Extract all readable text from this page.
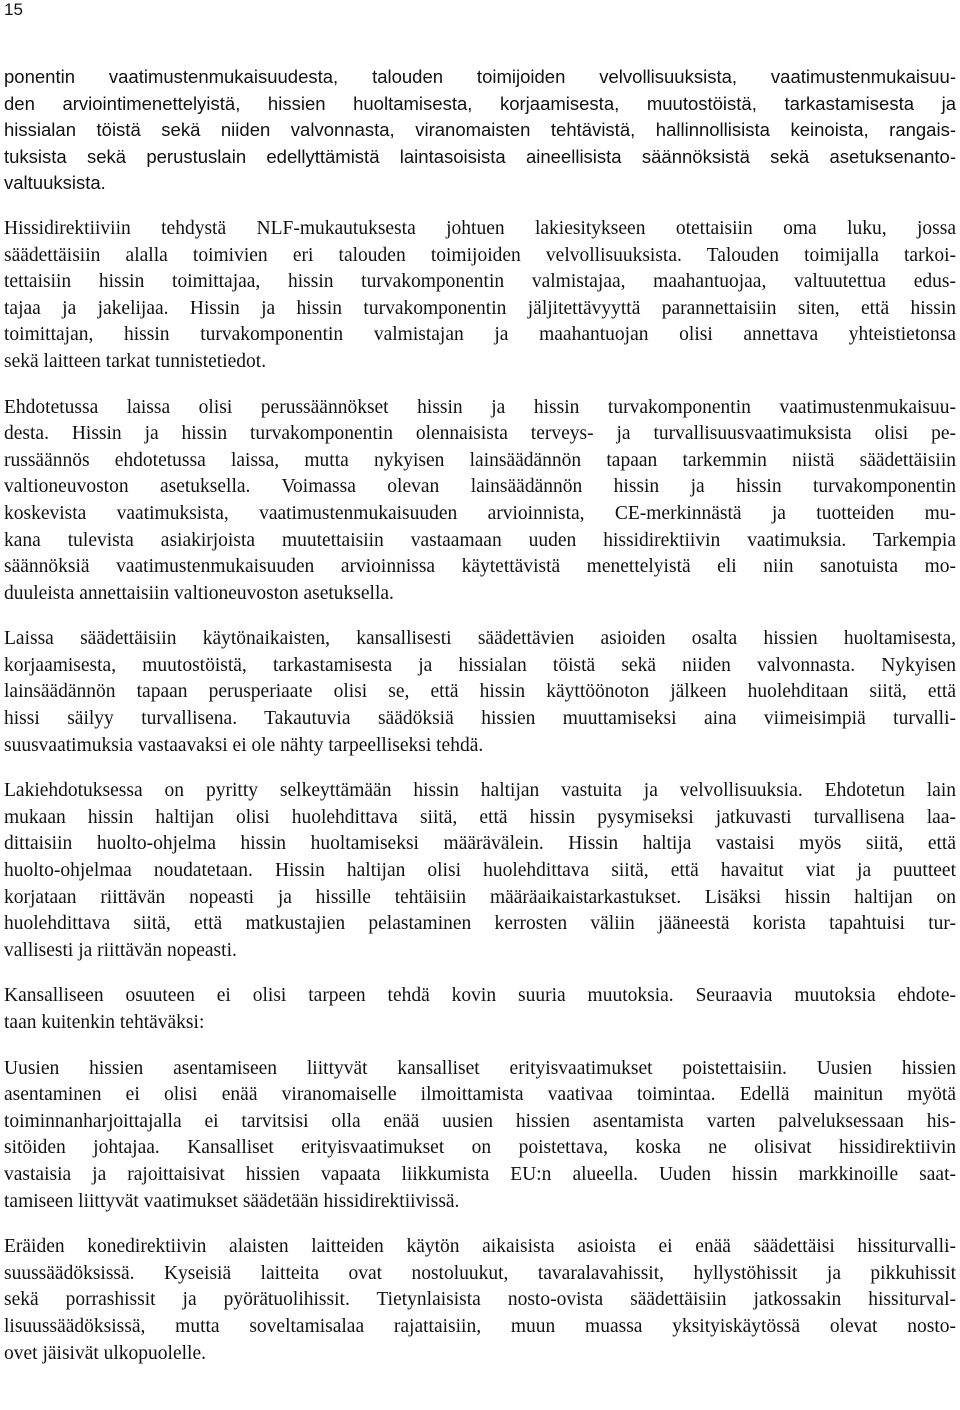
15

ponentin vaatimustenmukaisuudesta, talouden toimijoiden velvollisuuksista, vaatimustenmukaisuu-
den arviointimenettelyistä, hissien huoltamisesta, korjaamisesta, muutostöistä, tarkastamisesta ja
hissialan töistä sekä niiden valvonnasta, viranomaisten tehtävistä, hallinnollisista keinoista, rangais-
tuksista sekä perustuslain edellyttämistä laintasoisista aineellisista säännöksistä sekä asetuksenanto-
valtuuksista.

Hissidirektiiviin tehdystä NLF-mukautuksesta johtuen lakiesitykseen otettaisiin oma luku, jossa
säädettäisiin alalla toimivien eri talouden toimijoiden velvollisuuksista. Talouden toimijalla tarkoi-
tettaisiin hissin toimittajaa, hissin turvakomponentin valmistajaa, maahantuojaa, valtuutettua edus-
tajaa ja jakelijaa. Hissin ja hissin turvakomponentin jäljitettävyyttä parannettaisiin siten, että hissin
toimittajan, hissin turvakomponentin valmistajan ja maahantuojan olisi annettava yhteistietonsa
sekä laitteen tarkat tunnistetiedot.

Ehdotetussa laissa olisi perussäännökset hissin ja hissin turvakomponentin vaatimustenmukaisuu-
desta. Hissin ja hissin turvakomponentin olennaisista terveys- ja turvallisuusvaatimuksista olisi pe-
russäännös ehdotetussa laissa, mutta nykyisen lainsäädännön tapaan tarkemmin niistä säädettäisiin
valtioneuvoston asetuksella. Voimassa olevan lainsäädännön hissin ja hissin turvakomponentin
koskevista vaatimuksista, vaatimustenmukaisuuden arvioinnista, CE-merkinnästä ja tuotteiden mu-
kana tulevista asiakirjoista muutettaisiin vastaamaan uuden hissidirektiivin vaatimuksia. Tarkempia
säännöksiä vaatimustenmukaisuuden arvioinnissa käytettävistä menettelyistä eli niin sanotuista mo-
duuleista annettaisiin valtioneuvoston asetuksella.

Laissa säädettäisiin käytönaikaisten, kansallisesti säädettävien asioiden osalta hissien huoltamisesta,
korjaamisesta, muutostöistä, tarkastamisesta ja hissialan töistä sekä niiden valvonnasta. Nykyisen
lainsäädännön tapaan perusperiaate olisi se, että hissin käyttöönoton jälkeen huolehditaan siitä, että
hissi säilyy turvallisena. Takautuvia säädöksiä hissien muuttamiseksi aina viimeisimpiä turvalli-
suusvaatimuksia vastaavaksi ei ole nähty tarpeelliseksi tehdä.

Lakiehdotuksessa on pyritty selkeyttämään hissin haltijan vastuita ja velvollisuuksia. Ehdotetun lain
mukaan hissin haltijan olisi huolehdittava siitä, että hissin pysymiseksi jatkuvasti turvallisena laa-
dittaisiin huolto-ohjelma hissin huoltamiseksi määrävälein. Hissin haltija vastaisi myös siitä, että
huolto-ohjelmaa noudatetaan. Hissin haltijan olisi huolehdittava siitä, että havaitut viat ja puutteet
korjataan riittävän nopeasti ja hissille tehtäisiin määräaikaistarkastukset. Lisäksi hissin haltijan on
huolehdittava siitä, että matkustajien pelastaminen kerrosten väliin jääneestä korista tapahtuisi tur-
vallisesti ja riittävän nopeasti.

Kansalliseen osuuteen ei olisi tarpeen tehdä kovin suuria muutoksia. Seuraavia muutoksia ehdote-
taan kuitenkin tehtäväksi:

Uusien hissien asentamiseen liittyvät kansalliset erityisvaatimukset poistettaisiin. Uusien hissien
asentaminen ei olisi enää viranomaiselle ilmoittamista vaativaa toimintaa. Edellä mainitun myötä
toiminnanharjoittajalla ei tarvitsisi olla enää uusien hissien asentamista varten palveluksessaan his-
sitöiden johtajaa. Kansalliset erityisvaatimukset on poistettava, koska ne olisivat hissidirektiivin
vastaisia ja rajoittaisivat hissien vapaata liikkumista EU:n alueella. Uuden hissin markkinoille saat-
tamiseen liittyvät vaatimukset säädetään hissidirektiivissä.

Eräiden konedirektiivin alaisten laitteiden käytön aikaisista asioista ei enää säädettäisi hissiturvalli-
suussäädöksissä. Kyseisiä laitteita ovat nostoluukut, tavaralavahissit, hyllystöhissit ja pikkuhissit
sekä porrashissit ja pyörätuolihissit. Tietynlaisista nosto-ovista säädettäisiin jatkossakin hissiturval-
lisuussäädöksissä, mutta soveltamisalaa rajattaisiin, muun muassa yksityiskäytössä olevat nosto-
ovet jäisivät ulkopuolelle.
